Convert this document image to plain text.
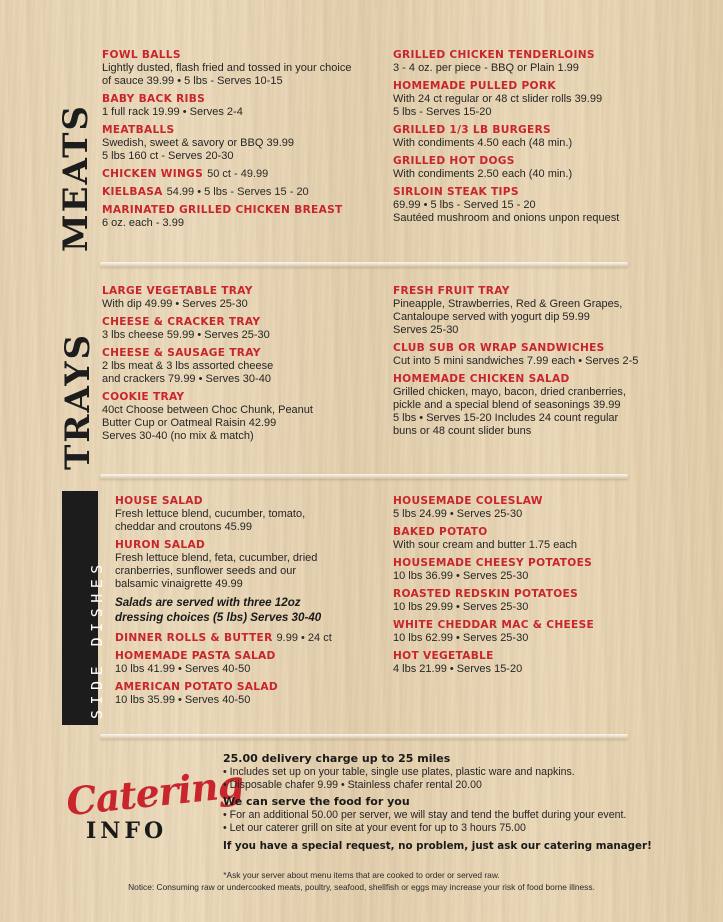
MEATS
TRAYS
SIDE DISHES
FOWL BALLS
Lightly dusted, flash fried and tossed in your choice
of sauce 39.99 • 5 lbs - Serves 10-15
BABY BACK RIBS
1 full rack 19.99 • Serves 2-4
MEATBALLS
Swedish, sweet & savory or BBQ 39.99
5 lbs 160 ct - Serves 20-30
CHICKEN WINGS 50 ct - 49.99
KIELBASA 54.99 • 5 lbs - Serves 15 - 20
MARINATED GRILLED CHICKEN BREAST
6 oz. each - 3.99
GRILLED CHICKEN TENDERLOINS
3 - 4 oz. per piece - BBQ or Plain 1.99
HOMEMADE PULLED PORK
With 24 ct regular or 48 ct slider rolls 39.99
5 lbs - Serves 15-20
GRILLED 1/3 LB BURGERS
With condiments 4.50 each (48 min.)
GRILLED HOT DOGS
With condiments 2.50 each (40 min.)
SIRLOIN STEAK TIPS
69.99 • 5 lbs - Served 15 - 20
Sautéed mushroom and onions unpon request
LARGE VEGETABLE TRAY
With dip 49.99 • Serves 25-30
CHEESE & CRACKER TRAY
3 lbs cheese 59.99 • Serves 25-30
CHEESE & SAUSAGE TRAY
2 lbs meat & 3 lbs assorted cheese
and crackers 79.99 • Serves 30-40
COOKIE TRAY
40ct Choose between Choc Chunk, Peanut
Butter Cup or Oatmeal Raisin 42.99
Serves 30-40 (no mix & match)
FRESH FRUIT TRAY
Pineapple, Strawberries, Red & Green Grapes,
Cantaloupe served with yogurt dip 59.99
Serves 25-30
CLUB SUB OR WRAP SANDWICHES
Cut into 5 mini sandwiches 7.99 each • Serves 2-5
HOMEMADE CHICKEN SALAD
Grilled chicken, mayo, bacon, dried cranberries,
pickle and a special blend of seasonings 39.99
5 lbs • Serves 15-20 Includes 24 count regular
buns or 48 count slider buns
HOUSE SALAD
Fresh lettuce blend, cucumber, tomato,
cheddar and croutons 45.99
HURON SALAD
Fresh lettuce blend, feta, cucumber, dried
cranberries, sunflower seeds and our
balsamic vinaigrette 49.99
Salads are served with three 12oz
dressing choices (5 lbs) Serves 30-40
DINNER ROLLS & BUTTER 9.99 • 24 ct
HOMEMADE PASTA SALAD
10 lbs 41.99 • Serves 40-50
AMERICAN POTATO SALAD
10 lbs 35.99 • Serves 40-50
HOUSEMADE COLESLAW
5 lbs 24.99 • Serves 25-30
BAKED POTATO
With sour cream and butter 1.75 each
HOUSEMADE CHEESY POTATOES
10 lbs 36.99 • Serves 25-30
ROASTED REDSKIN POTATOES
10 lbs 29.99 • Serves 25-30
WHITE CHEDDAR MAC & CHEESE
10 lbs 62.99 • Serves 25-30
HOT VEGETABLE
4 lbs 21.99 • Serves 15-20
Catering
INFO
25.00 delivery charge up to 25 miles
• Includes set up on your table, single use plates, plastic ware and napkins.
• Disposable chafer 9.99 • Stainless chafer rental 20.00
We can serve the food for you
• For an additional 50.00 per server, we will stay and tend the buffet during your event.
• Let our caterer grill on site at your event for up to 3 hours 75.00
If you have a special request, no problem, just ask our catering manager!
*Ask your server about menu items that are cooked to order or served raw.
Notice: Consuming raw or undercooked meats, poultry, seafood, shellfish or eggs may increase your risk of food borne illness.
